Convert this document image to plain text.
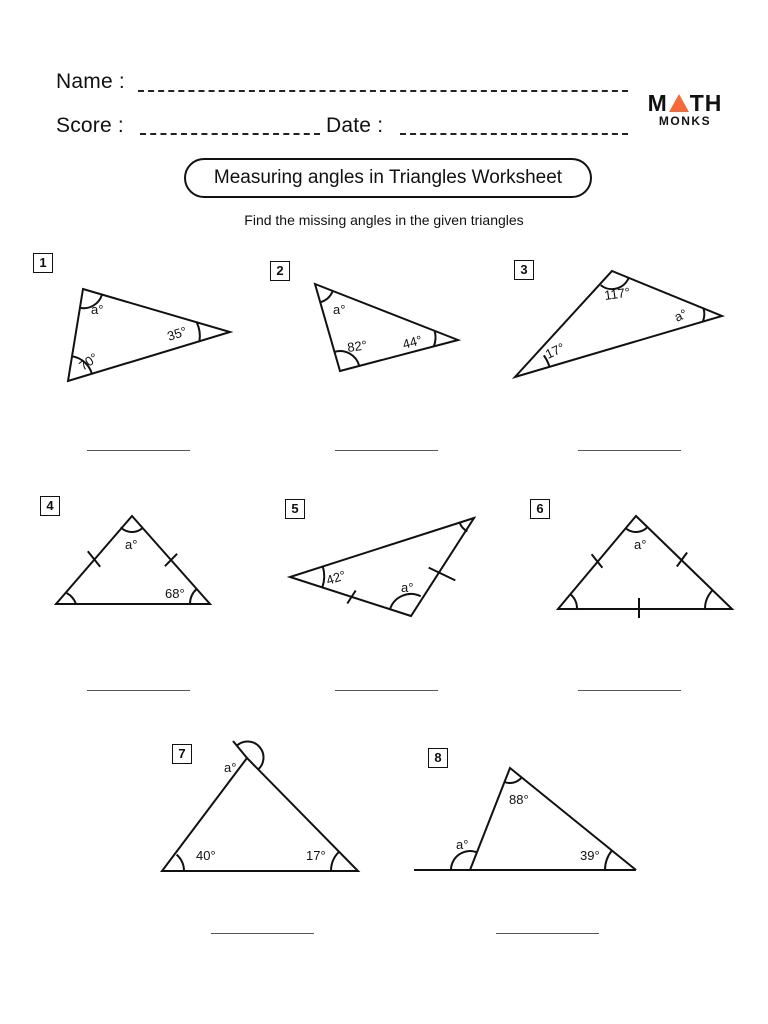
Name :
Score :	Date :
M TH
MONKS
Measuring angles in Triangles Worksheet
Find the missing angles in the given triangles
1
2	3
4	5	6
7	8
a°
35°
70°
a°
82°	44°
117°
a°
17°
a°
68°
42°	a°
a°
a°
40°	17°
88°
a°
39°
